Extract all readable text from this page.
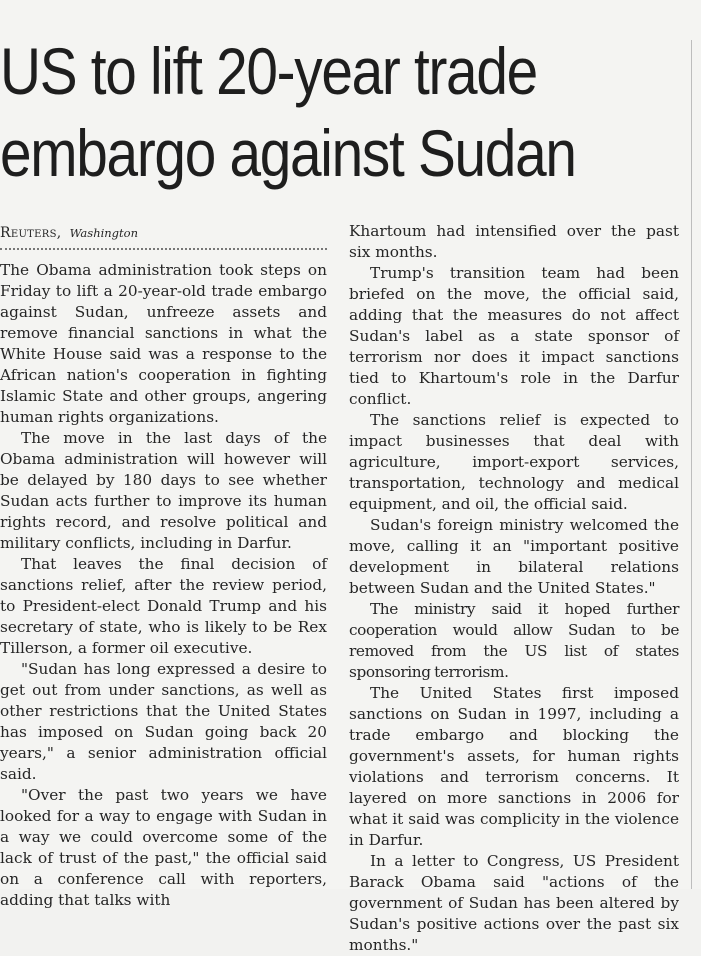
US to lift 20-year trade
embargo against Sudan
Reuters, Washington

The Obama administration took steps on Friday to lift a 20-year-old trade embargo against Sudan, unfreeze assets and remove financial sanctions in what the White House said was a response to the African nation's cooperation in fighting Islamic State and other groups, angering human rights organizations.

The move in the last days of the Obama administration will however will be delayed by 180 days to see whether Sudan acts further to improve its human rights record, and resolve political and military conflicts, including in Darfur.

That leaves the final decision of sanctions relief, after the review period, to President-elect Donald Trump and his secretary of state, who is likely to be Rex Tillerson, a former oil executive.

"Sudan has long expressed a desire to get out from under sanctions, as well as other restrictions that the United States has imposed on Sudan going back 20 years," a senior administration official said.

"Over the past two years we have looked for a way to engage with Sudan in a way we could overcome some of the lack of trust of the past," the official said on a conference call with reporters, adding that talks with

Khartoum had intensified over the past six months.

Trump's transition team had been briefed on the move, the official said, adding that the measures do not affect Sudan's label as a state sponsor of terrorism nor does it impact sanctions tied to Khartoum's role in the Darfur conflict.

The sanctions relief is expected to impact businesses that deal with agriculture, import-export services, transportation, technology and medical equipment, and oil, the official said.

Sudan's foreign ministry welcomed the move, calling it an "important positive development in bilateral relations between Sudan and the United States."

The ministry said it hoped further cooperation would allow Sudan to be removed from the US list of states sponsoring terrorism.

The United States first imposed sanctions on Sudan in 1997, including a trade embargo and blocking the government's assets, for human rights violations and terrorism concerns. It layered on more sanctions in 2006 for what it said was complicity in the violence in Darfur.

In a letter to Congress, US President Barack Obama said "actions of the government of Sudan has been altered by Sudan's positive actions over the past six months."
